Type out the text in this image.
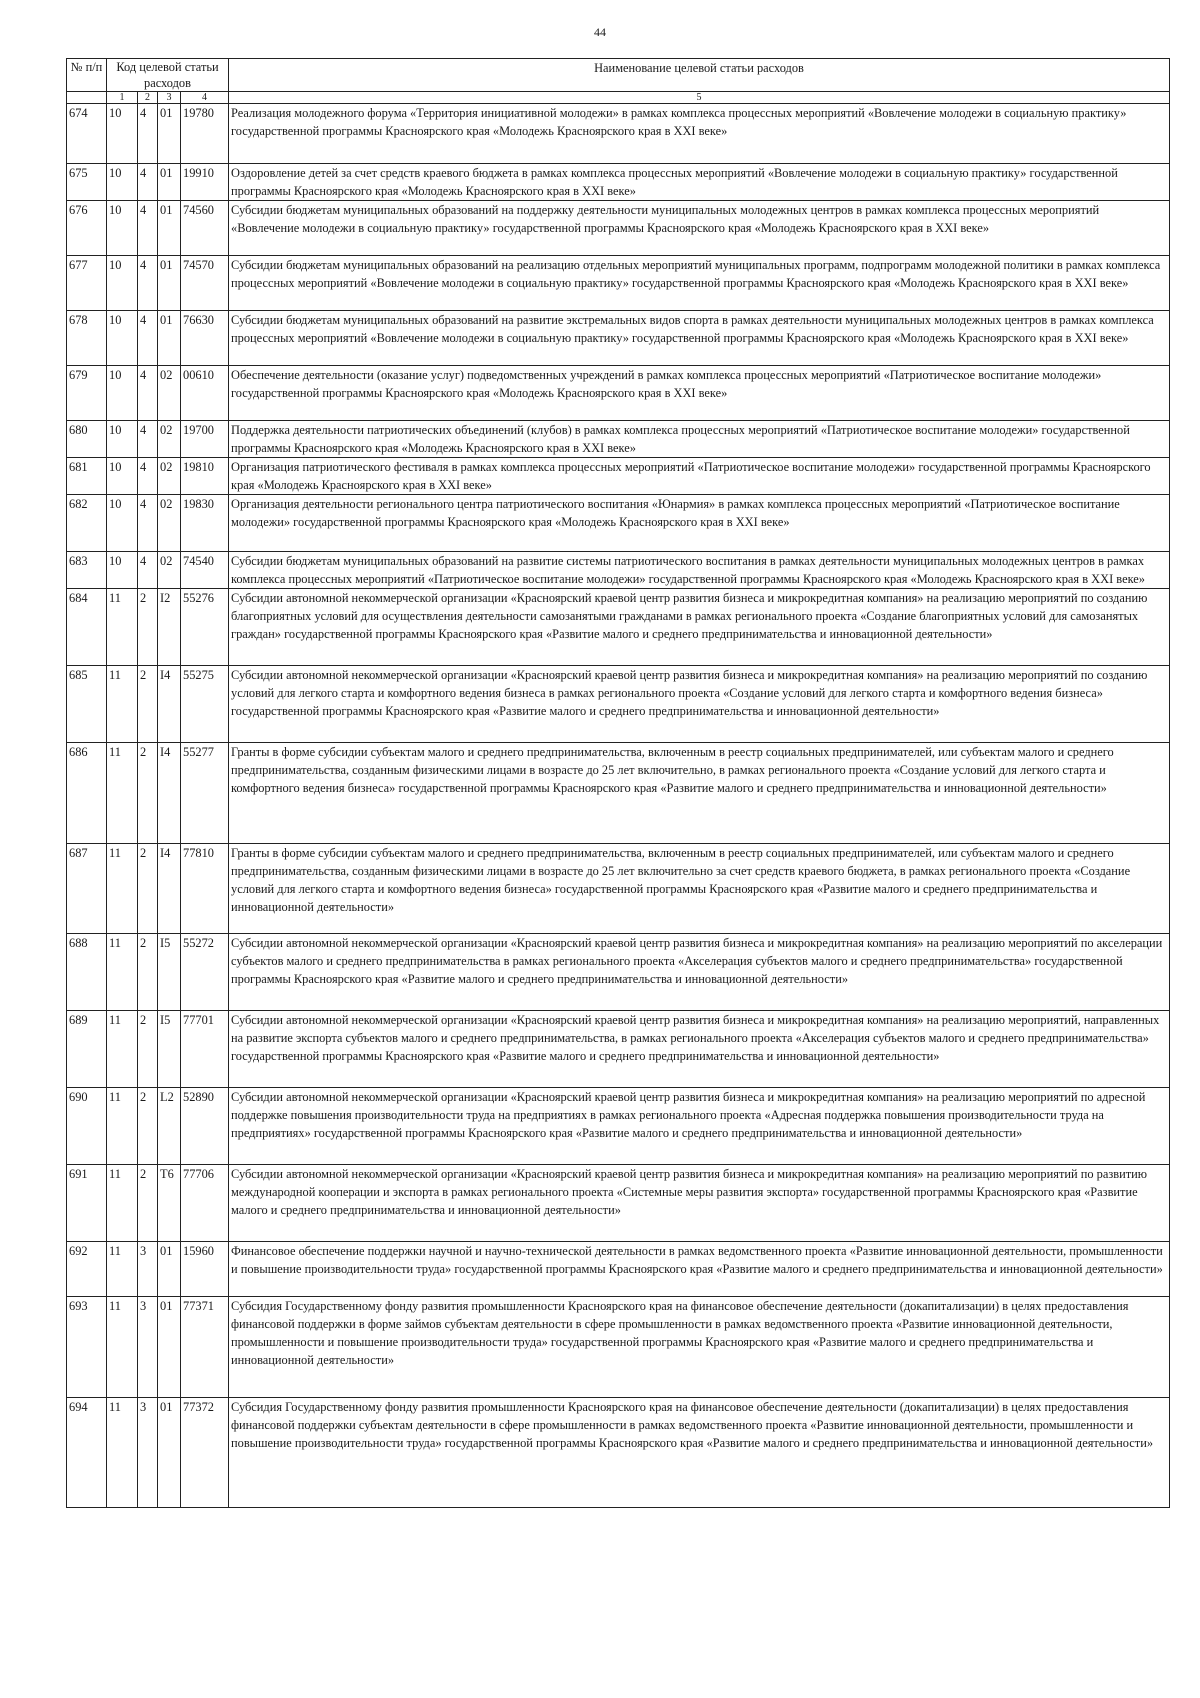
44
№ п/п	Код целевой статьи расходов				Наименование целевой статьи расходов

	1	2	3	4	5
674	10	4	01	19780	Реализация молодежного форума «Территория инициативной молодежи» в рамках комплекса процессных мероприятий «Вовлечение молодежи в социальную практику» государственной программы Красноярского края «Молодежь Красноярского края в XXI веке»
675	10	4	01	19910	Оздоровление детей за счет средств краевого бюджета в рамках комплекса процессных мероприятий «Вовлечение молодежи в социальную практику» государственной программы Красноярского края «Молодежь Красноярского края в XXI веке»
676	10	4	01	74560	Субсидии бюджетам муниципальных образований на поддержку деятельности муниципальных молодежных центров в рамках комплекса процессных мероприятий «Вовлечение молодежи в социальную практику» государственной программы Красноярского края «Молодежь Красноярского края в XXI веке»
677	10	4	01	74570	Субсидии бюджетам муниципальных образований на реализацию отдельных мероприятий муниципальных программ, подпрограмм молодежной политики в рамках комплекса процессных мероприятий «Вовлечение молодежи в социальную практику» государственной программы Красноярского края «Молодежь Красноярского края в XXI веке»
678	10	4	01	76630	Субсидии бюджетам муниципальных образований на развитие экстремальных видов спорта в рамках деятельности муниципальных молодежных центров в рамках комплекса процессных мероприятий «Вовлечение молодежи в социальную практику» государственной программы Красноярского края «Молодежь Красноярского края в XXI веке»
679	10	4	02	00610	Обеспечение деятельности (оказание услуг) подведомственных учреждений в рамках комплекса процессных мероприятий «Патриотическое воспитание молодежи» государственной программы Красноярского края «Молодежь Красноярского края в XXI веке»
680	10	4	02	19700	Поддержка деятельности патриотических объединений (клубов) в рамках комплекса процессных мероприятий «Патриотическое воспитание молодежи» государственной программы Красноярского края «Молодежь Красноярского края в XXI веке»
681	10	4	02	19810	Организация патриотического фестиваля в рамках комплекса процессных мероприятий «Патриотическое воспитание молодежи» государственной программы Красноярского края «Молодежь Красноярского края в XXI веке»
682	10	4	02	19830	Организация деятельности регионального центра патриотического воспитания «Юнармия» в рамках комплекса процессных мероприятий «Патриотическое воспитание молодежи» государственной программы Красноярского края «Молодежь Красноярского края в XXI веке»
683	10	4	02	74540	Субсидии бюджетам муниципальных образований на развитие системы патриотического воспитания в рамках деятельности муниципальных молодежных центров в рамках комплекса процессных мероприятий «Патриотическое воспитание молодежи» государственной программы Красноярского края «Молодежь Красноярского края в XXI веке»
684	11	2	I2	55276	Субсидии автономной некоммерческой организации «Красноярский краевой центр развития бизнеса и микрокредитная компания» на реализацию мероприятий по созданию благоприятных условий для осуществления деятельности самозанятыми гражданами в рамках регионального проекта «Создание благоприятных условий для самозанятых граждан» государственной программы Красноярского края «Развитие малого и среднего предпринимательства и инновационной деятельности»
685	11	2	I4	55275	Субсидии автономной некоммерческой организации «Красноярский краевой центр развития бизнеса и микрокредитная компания» на реализацию мероприятий по созданию условий для легкого старта и комфортного ведения бизнеса в рамках регионального проекта «Создание условий для легкого старта и комфортного ведения бизнеса» государственной программы Красноярского края «Развитие малого и среднего предпринимательства и инновационной деятельности»
686	11	2	I4	55277	Гранты в форме субсидии субъектам малого и среднего предпринимательства, включенным в реестр социальных предпринимателей, или субъектам малого и среднего предпринимательства, созданным физическими лицами в возрасте до 25 лет включительно, в рамках регионального проекта «Создание условий для легкого старта и комфортного ведения бизнеса» государственной программы Красноярского края «Развитие малого и среднего предпринимательства и инновационной деятельности»
687	11	2	I4	77810	Гранты в форме субсидии субъектам малого и среднего предпринимательства, включенным в реестр социальных предпринимателей, или субъектам малого и среднего предпринимательства, созданным физическими лицами в возрасте до 25 лет включительно за счет средств краевого бюджета, в рамках регионального проекта «Создание условий для легкого старта и комфортного ведения бизнеса» государственной программы Красноярского края «Развитие малого и среднего предпринимательства и инновационной деятельности»
688	11	2	I5	55272	Субсидии автономной некоммерческой организации «Красноярский краевой центр развития бизнеса и микрокредитная компания» на реализацию мероприятий по акселерации субъектов малого и среднего предпринимательства в рамках регионального проекта «Акселерация субъектов малого и среднего предпринимательства» государственной программы Красноярского края «Развитие малого и среднего предпринимательства и инновационной деятельности»
689	11	2	I5	77701	Субсидии автономной некоммерческой организации «Красноярский краевой центр развития бизнеса и микрокредитная компания» на реализацию мероприятий, направленных на развитие экспорта субъектов малого и среднего предпринимательства, в рамках регионального проекта «Акселерация субъектов малого и среднего предпринимательства» государственной программы Красноярского края «Развитие малого и среднего предпринимательства и инновационной деятельности»
690	11	2	L2	52890	Субсидии автономной некоммерческой организации «Красноярский краевой центр развития бизнеса и микрокредитная компания» на реализацию мероприятий по адресной поддержке повышения производительности труда на предприятиях в рамках регионального проекта «Адресная поддержка повышения производительности труда на предприятиях» государственной программы Красноярского края «Развитие малого и среднего предпринимательства и инновационной деятельности»
691	11	2	T6	77706	Субсидии автономной некоммерческой организации «Красноярский краевой центр развития бизнеса и микрокредитная компания» на реализацию мероприятий по развитию международной кооперации и экспорта в рамках регионального проекта «Системные меры развития экспорта» государственной программы Красноярского края «Развитие малого и среднего предпринимательства и инновационной деятельности»
692	11	3	01	15960	Финансовое обеспечение поддержки научной и научно-технической деятельности в рамках ведомственного проекта «Развитие инновационной деятельности, промышленности и повышение производительности труда» государственной программы Красноярского края «Развитие малого и среднего предпринимательства и инновационной деятельности»
693	11	3	01	77371	Субсидия Государственному фонду развития промышленности Красноярского края на финансовое обеспечение деятельности (докапитализации) в целях предоставления финансовой поддержки в форме займов субъектам деятельности в сфере промышленности в рамках ведомственного проекта «Развитие инновационной деятельности, промышленности и повышение производительности труда» государственной программы Красноярского края «Развитие малого и среднего предпринимательства и инновационной деятельности»
694	11	3	01	77372	Субсидия Государственному фонду развития промышленности Красноярского края на финансовое обеспечение деятельности (докапитализации) в целях предоставления финансовой поддержки субъектам деятельности в сфере промышленности в рамках ведомственного проекта «Развитие инновационной деятельности, промышленности и повышение производительности труда» государственной программы Красноярского края «Развитие малого и среднего предпринимательства и инновационной деятельности»
